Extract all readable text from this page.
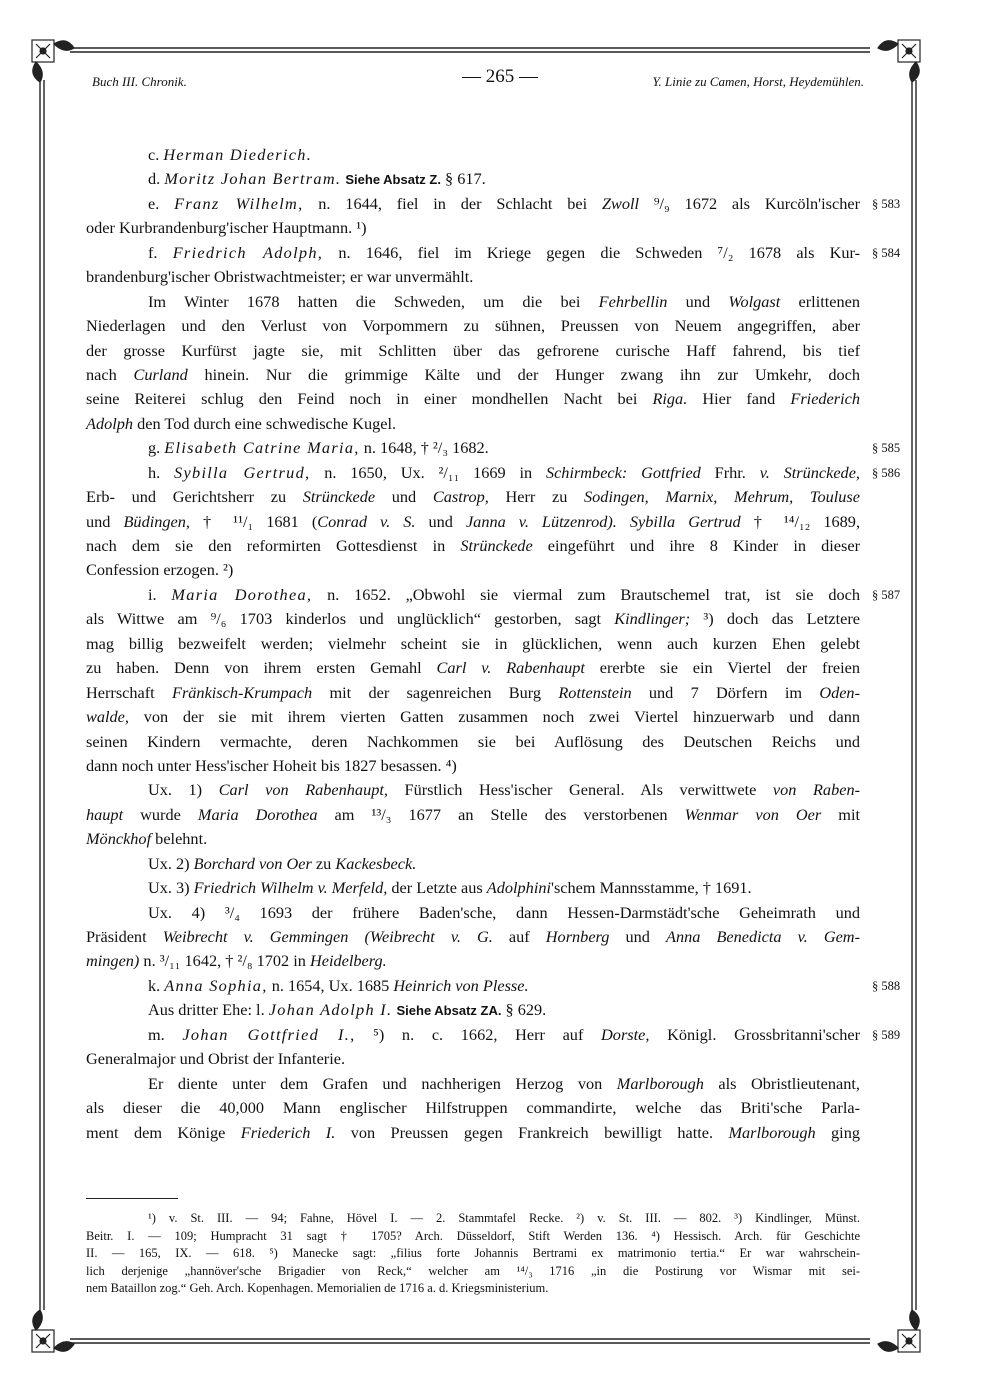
Buch III. Chronik.	— 265 —	Y. Linie zu Camen, Horst, Heydemühlen.
c. Herman Diederich.
d. Moritz Johan Bertram. Siehe Absatz Z. § 617.
e. Franz Wilhelm, n. 1644, fiel in der Schlacht bei Zwoll ⁹/₉ 1672 als Kurcöln'ischer § 583
oder Kurbrandenburg'ischer Hauptmann. ¹)
f. Friedrich Adolph, n. 1646, fiel im Kriege gegen die Schweden ⁷/₂ 1678 als Kur- § 584
brandenburg'ischer Obristwachtmeister; er war unvermählt.
Im Winter 1678 hatten die Schweden, um die bei Fehrbellin und Wolgast erlittenen
Niederlagen und den Verlust von Vorpommern zu sühnen, Preussen von Neuem angegriffen, aber
der grosse Kurfürst jagte sie, mit Schlitten über das gefrorene curische Haff fahrend, bis tief
nach Curland hinein. Nur die grimmige Kälte und der Hunger zwang ihn zur Umkehr, doch
seine Reiterei schlug den Feind noch in einer mondhellen Nacht bei Riga. Hier fand Friederich
Adolph den Tod durch eine schwedische Kugel.
g. Elisabeth Catrine Maria, n. 1648, † ²/₃ 1682.	§ 585
h. Sybilla Gertrud, n. 1650, Ux. ²/₁₁ 1669 in Schirmbeck: Gottfried Frhr. v. Strünckede, § 586
Erb- und Gerichtsherr zu Strünckede und Castrop, Herr zu Sodingen, Marnix, Mehrum, Touluse
und Büdingen, † ¹¹/₁ 1681 (Conrad v. S. und Janna v. Lützenrod). Sybilla Gertrud † ¹⁴/₁₂ 1689,
nach dem sie den reformirten Gottesdienst in Strünckede eingeführt und ihre 8 Kinder in dieser
Confession erzogen. ²)
i. Maria Dorothea, n. 1652. „Obwohl sie viermal zum Brautschemel trat, ist sie doch § 587
als Wittwe am ⁹/₆ 1703 kinderlos und unglücklich“ gestorben, sagt Kindlinger; ³) doch das Letztere
mag billig bezweifelt werden; vielmehr scheint sie in glücklichen, wenn auch kurzen Ehen gelebt
zu haben. Denn von ihrem ersten Gemahl Carl v. Rabenhaupt ererbte sie ein Viertel der freien
Herrschaft Fränkisch-Krumpach mit der sagenreichen Burg Rottenstein und 7 Dörfern im Oden-
walde, von der sie mit ihrem vierten Gatten zusammen noch zwei Viertel hinzuerwarb und dann
seinen Kindern vermachte, deren Nachkommen sie bei Auflösung des Deutschen Reichs und
dann noch unter Hess'ischer Hoheit bis 1827 besassen. ⁴)
Ux. 1) Carl von Rabenhaupt, Fürstlich Hess'ischer General. Als verwittwete von Raben-
haupt wurde Maria Dorothea am ¹³/₃ 1677 an Stelle des verstorbenen Wenmar von Oer mit
Mönckhof belehnt.
Ux. 2) Borchard von Oer zu Kackesbeck.
Ux. 3) Friedrich Wilhelm v. Merfeld, der Letzte aus Adolphini'schem Mannsstamme, † 1691.
Ux. 4) ³/₄ 1693 der frühere Baden'sche, dann Hessen-Darmstädt'sche Geheimrath und
Präsident Weibrecht v. Gemmingen (Weibrecht v. G. auf Hornberg und Anna Benedicta v. Gem-
mingen) n. ³/₁₁ 1642, † ²/₈ 1702 in Heidelberg.
k. Anna Sophia, n. 1654, Ux. 1685 Heinrich von Plesse.	§ 588
Aus dritter Ehe: l. Johan Adolph I. Siehe Absatz ZA. § 629.
m. Johan Gottfried I., ⁵) n. c. 1662, Herr auf Dorste, Königl. Grossbritanni'scher § 589
Generalmajor und Obrist der Infanterie.
Er diente unter dem Grafen und nachherigen Herzog von Marlborough als Obristlieutenant,
als dieser die 40,000 Mann englischer Hilfstruppen commandirte, welche das Briti'sche Parla-
ment dem Könige Friederich I. von Preussen gegen Frankreich bewilligt hatte. Marlborough ging
¹) v. St. III. — 94; Fahne, Hövel I. — 2. Stammtafel Recke. ²) v. St. III. — 802. ³) Kindlinger, Münst.
Beitr. I. — 109; Humpracht 31 sagt † 1705? Arch. Düsseldorf, Stift Werden 136. ⁴) Hessisch. Arch. für Geschichte
II. — 165, IX. — 618. ⁵) Manecke sagt: „filius forte Johannis Bertrami ex matrimonio tertia.“ Er war wahrschein-
lich derjenige „hannöver'sche Brigadier von Reck,“ welcher am ¹⁴/₃ 1716 „in die Postirung vor Wismar mit sei-
nem Bataillon zog.“ Geh. Arch. Kopenhagen. Memorialien de 1716 a. d. Kriegsministerium.
